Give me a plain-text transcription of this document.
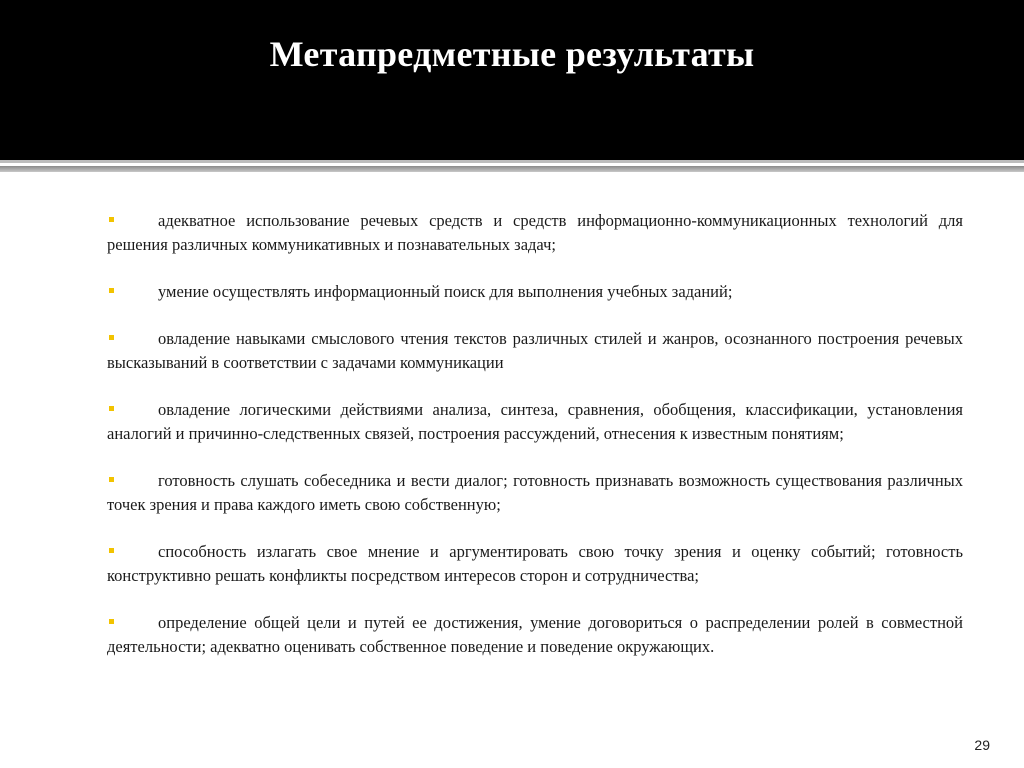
Метапредметные результаты
адекватное использование речевых средств и средств информационно-коммуникационных технологий для решения различных коммуникативных и познавательных задач;
умение осуществлять информационный поиск для выполнения учебных заданий;
овладение навыками смыслового чтения текстов различных стилей и жанров, осознанного построения речевых высказываний в соответствии с задачами коммуникации
овладение логическими действиями анализа, синтеза, сравнения, обобщения, классификации, установления аналогий и причинно-следственных связей, построения рассуждений, отнесения к известным понятиям;
готовность слушать собеседника и вести диалог; готовность признавать возможность существования различных точек зрения и права каждого иметь свою собственную;
способность излагать свое мнение и аргументировать свою точку зрения и оценку событий; готовность конструктивно решать конфликты посредством интересов сторон и сотрудничества;
определение общей цели и путей ее достижения, умение договориться о распределении ролей в совместной деятельности; адекватно оценивать собственное поведение и поведение окружающих.
29
